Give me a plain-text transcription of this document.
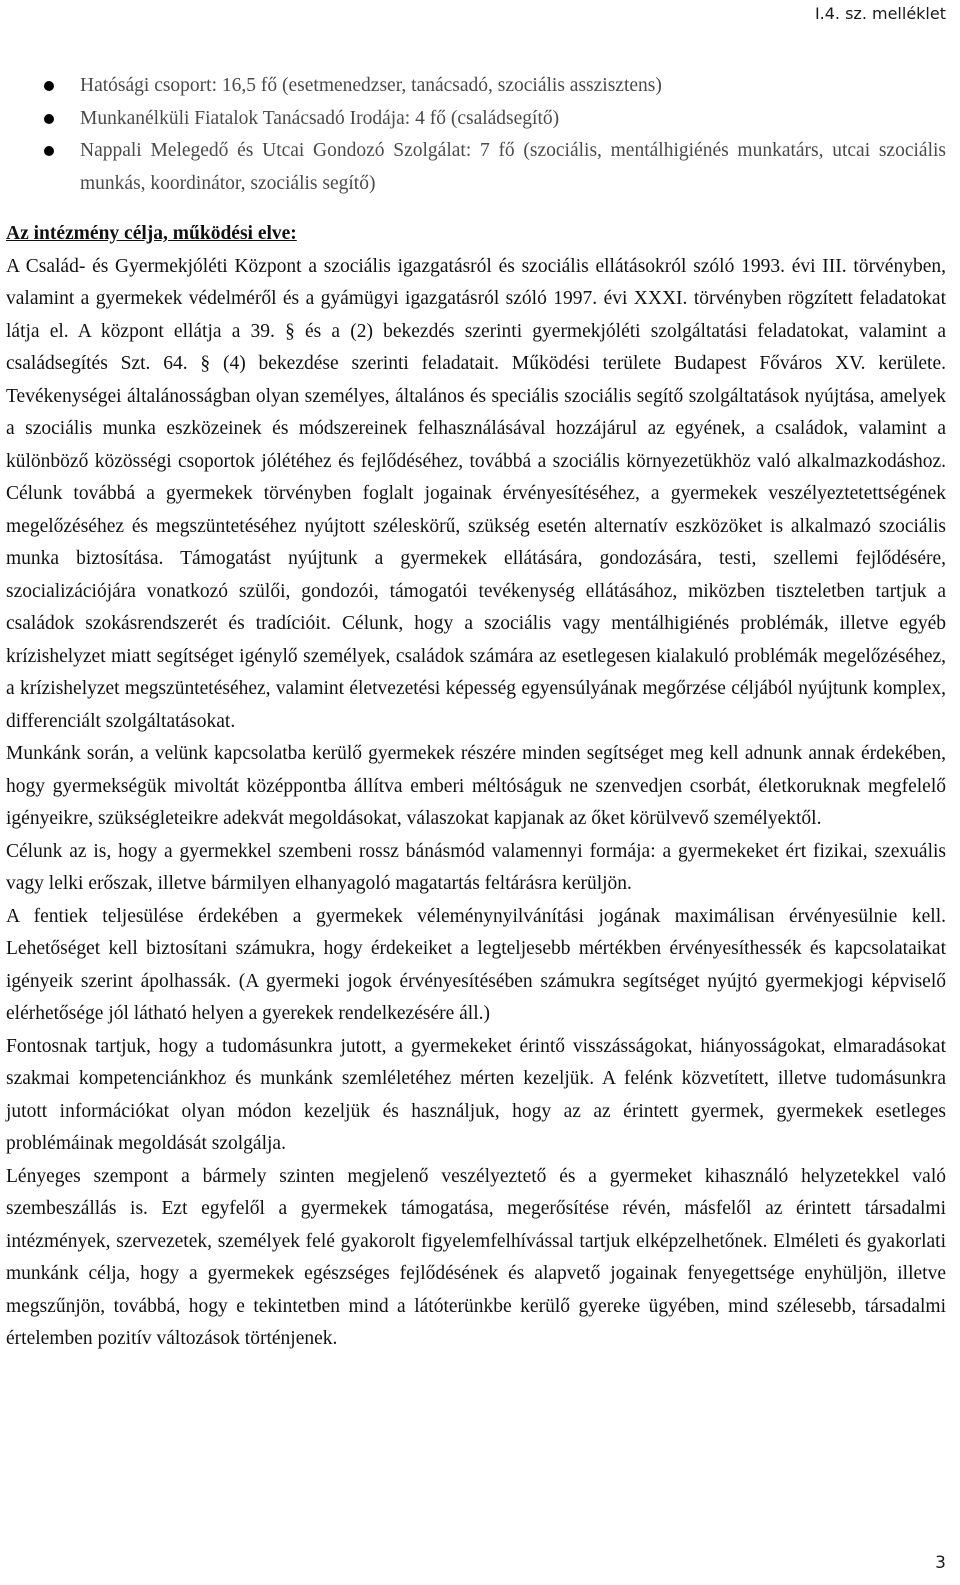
I.4. sz. melléklet
Hatósági csoport: 16,5 fő (esetmenedzser, tanácsadó, szociális asszisztens)
Munkanélküli Fiatalok Tanácsadó Irodája: 4 fő (családsegítő)
Nappali Melegedő és Utcai Gondozó Szolgálat: 7 fő (szociális, mentálhigiénés munkatárs, utcai szociális munkás, koordinátor, szociális segítő)

Az intézmény célja, működési elve:

A Család- és Gyermekjóléti Központ a szociális igazgatásról és szociális ellátásokról szóló 1993. évi III. törvényben, valamint a gyermekek védelméről és a gyámügyi igazgatásról szóló 1997. évi XXXI. törvényben rögzített feladatokat látja el. A központ ellátja a 39. § és a (2) bekezdés szerinti gyermekjóléti szolgáltatási feladatokat, valamint a családsegítés Szt. 64. § (4) bekezdése szerinti feladatait. Működési területe Budapest Főváros XV. kerülete. Tevékenységei általánosságban olyan személyes, általános és speciális szociális segítő szolgáltatások nyújtása, amelyek a szociális munka eszközeinek és módszereinek felhasználásával hozzájárul az egyének, a családok, valamint a különböző közösségi csoportok jólétéhez és fejlődéséhez, továbbá a szociális környezetükhöz való alkalmazkodáshoz. Célunk továbbá a gyermekek törvényben foglalt jogainak érvényesítéséhez, a gyermekek veszélyeztetettségének megelőzéséhez és megszüntetéséhez nyújtott széleskörű, szükség esetén alternatív eszközöket is alkalmazó szociális munka biztosítása. Támogatást nyújtunk a gyermekek ellátására, gondozására, testi, szellemi fejlődésére, szocializációjára vonatkozó szülői, gondozói, támogatói tevékenység ellátásához, miközben tiszteletben tartjuk a családok szokásrendszerét és tradícióit. Célunk, hogy a szociális vagy mentálhigiénés problémák, illetve egyéb krízishelyzet miatt segítséget igénylő személyek, családok számára az esetlegesen kialakuló problémák megelőzéséhez, a krízishelyzet megszüntetéséhez, valamint életvezetési képesség egyensúlyának megőrzése céljából nyújtunk komplex, differenciált szolgáltatásokat.

Munkánk során, a velünk kapcsolatba kerülő gyermekek részére minden segítséget meg kell adnunk annak érdekében, hogy gyermekségük mivoltát középpontba állítva emberi méltóságuk ne szenvedjen csorbát, életkoruknak megfelelő igényeikre, szükségleteikre adekvát megoldásokat, válaszokat kapjanak az őket körülvevő személyektől.

Célunk az is, hogy a gyermekkel szembeni rossz bánásmód valamennyi formája: a gyermekeket ért fizikai, szexuális vagy lelki erőszak, illetve bármilyen elhanyagoló magatartás feltárásra kerüljön.

A fentiek teljesülése érdekében a gyermekek véleménynyilvánítási jogának maximálisan érvényesülnie kell. Lehetőséget kell biztosítani számukra, hogy érdekeiket a legteljesebb mértékben érvényesíthessék és kapcsolataikat igényeik szerint ápolhassák. (A gyermeki jogok érvényesítésében számukra segítséget nyújtó gyermekjogi képviselő elérhetősége jól látható helyen a gyerekek rendelkezésére áll.)

Fontosnak tartjuk, hogy a tudomásunkra jutott, a gyermekeket érintő visszásságokat, hiányosságokat, elmaradásokat szakmai kompetenciánkhoz és munkánk szemléletéhez mérten kezeljük. A felénk közvetített, illetve tudomásunkra jutott információkat olyan módon kezeljük és használjuk, hogy az az érintett gyermek, gyermekek esetleges problémáinak megoldását szolgálja.

Lényeges szempont a bármely szinten megjelenő veszélyeztető és a gyermeket kihasználó helyzetekkel való szembeszállás is. Ezt egyfelől a gyermekek támogatása, megerősítése révén, másfelől az érintett társadalmi intézmények, szervezetek, személyek felé gyakorolt figyelemfelhívással tartjuk elképzelhetőnek. Elméleti és gyakorlati munkánk célja, hogy a gyermekek egészséges fejlődésének és alapvető jogainak fenyegettsége enyhüljön, illetve megszűnjön, továbbá, hogy e tekintetben mind a látóterünkbe kerülő gyereke ügyében, mind szélesebb, társadalmi értelemben pozitív változások történjenek.

3
